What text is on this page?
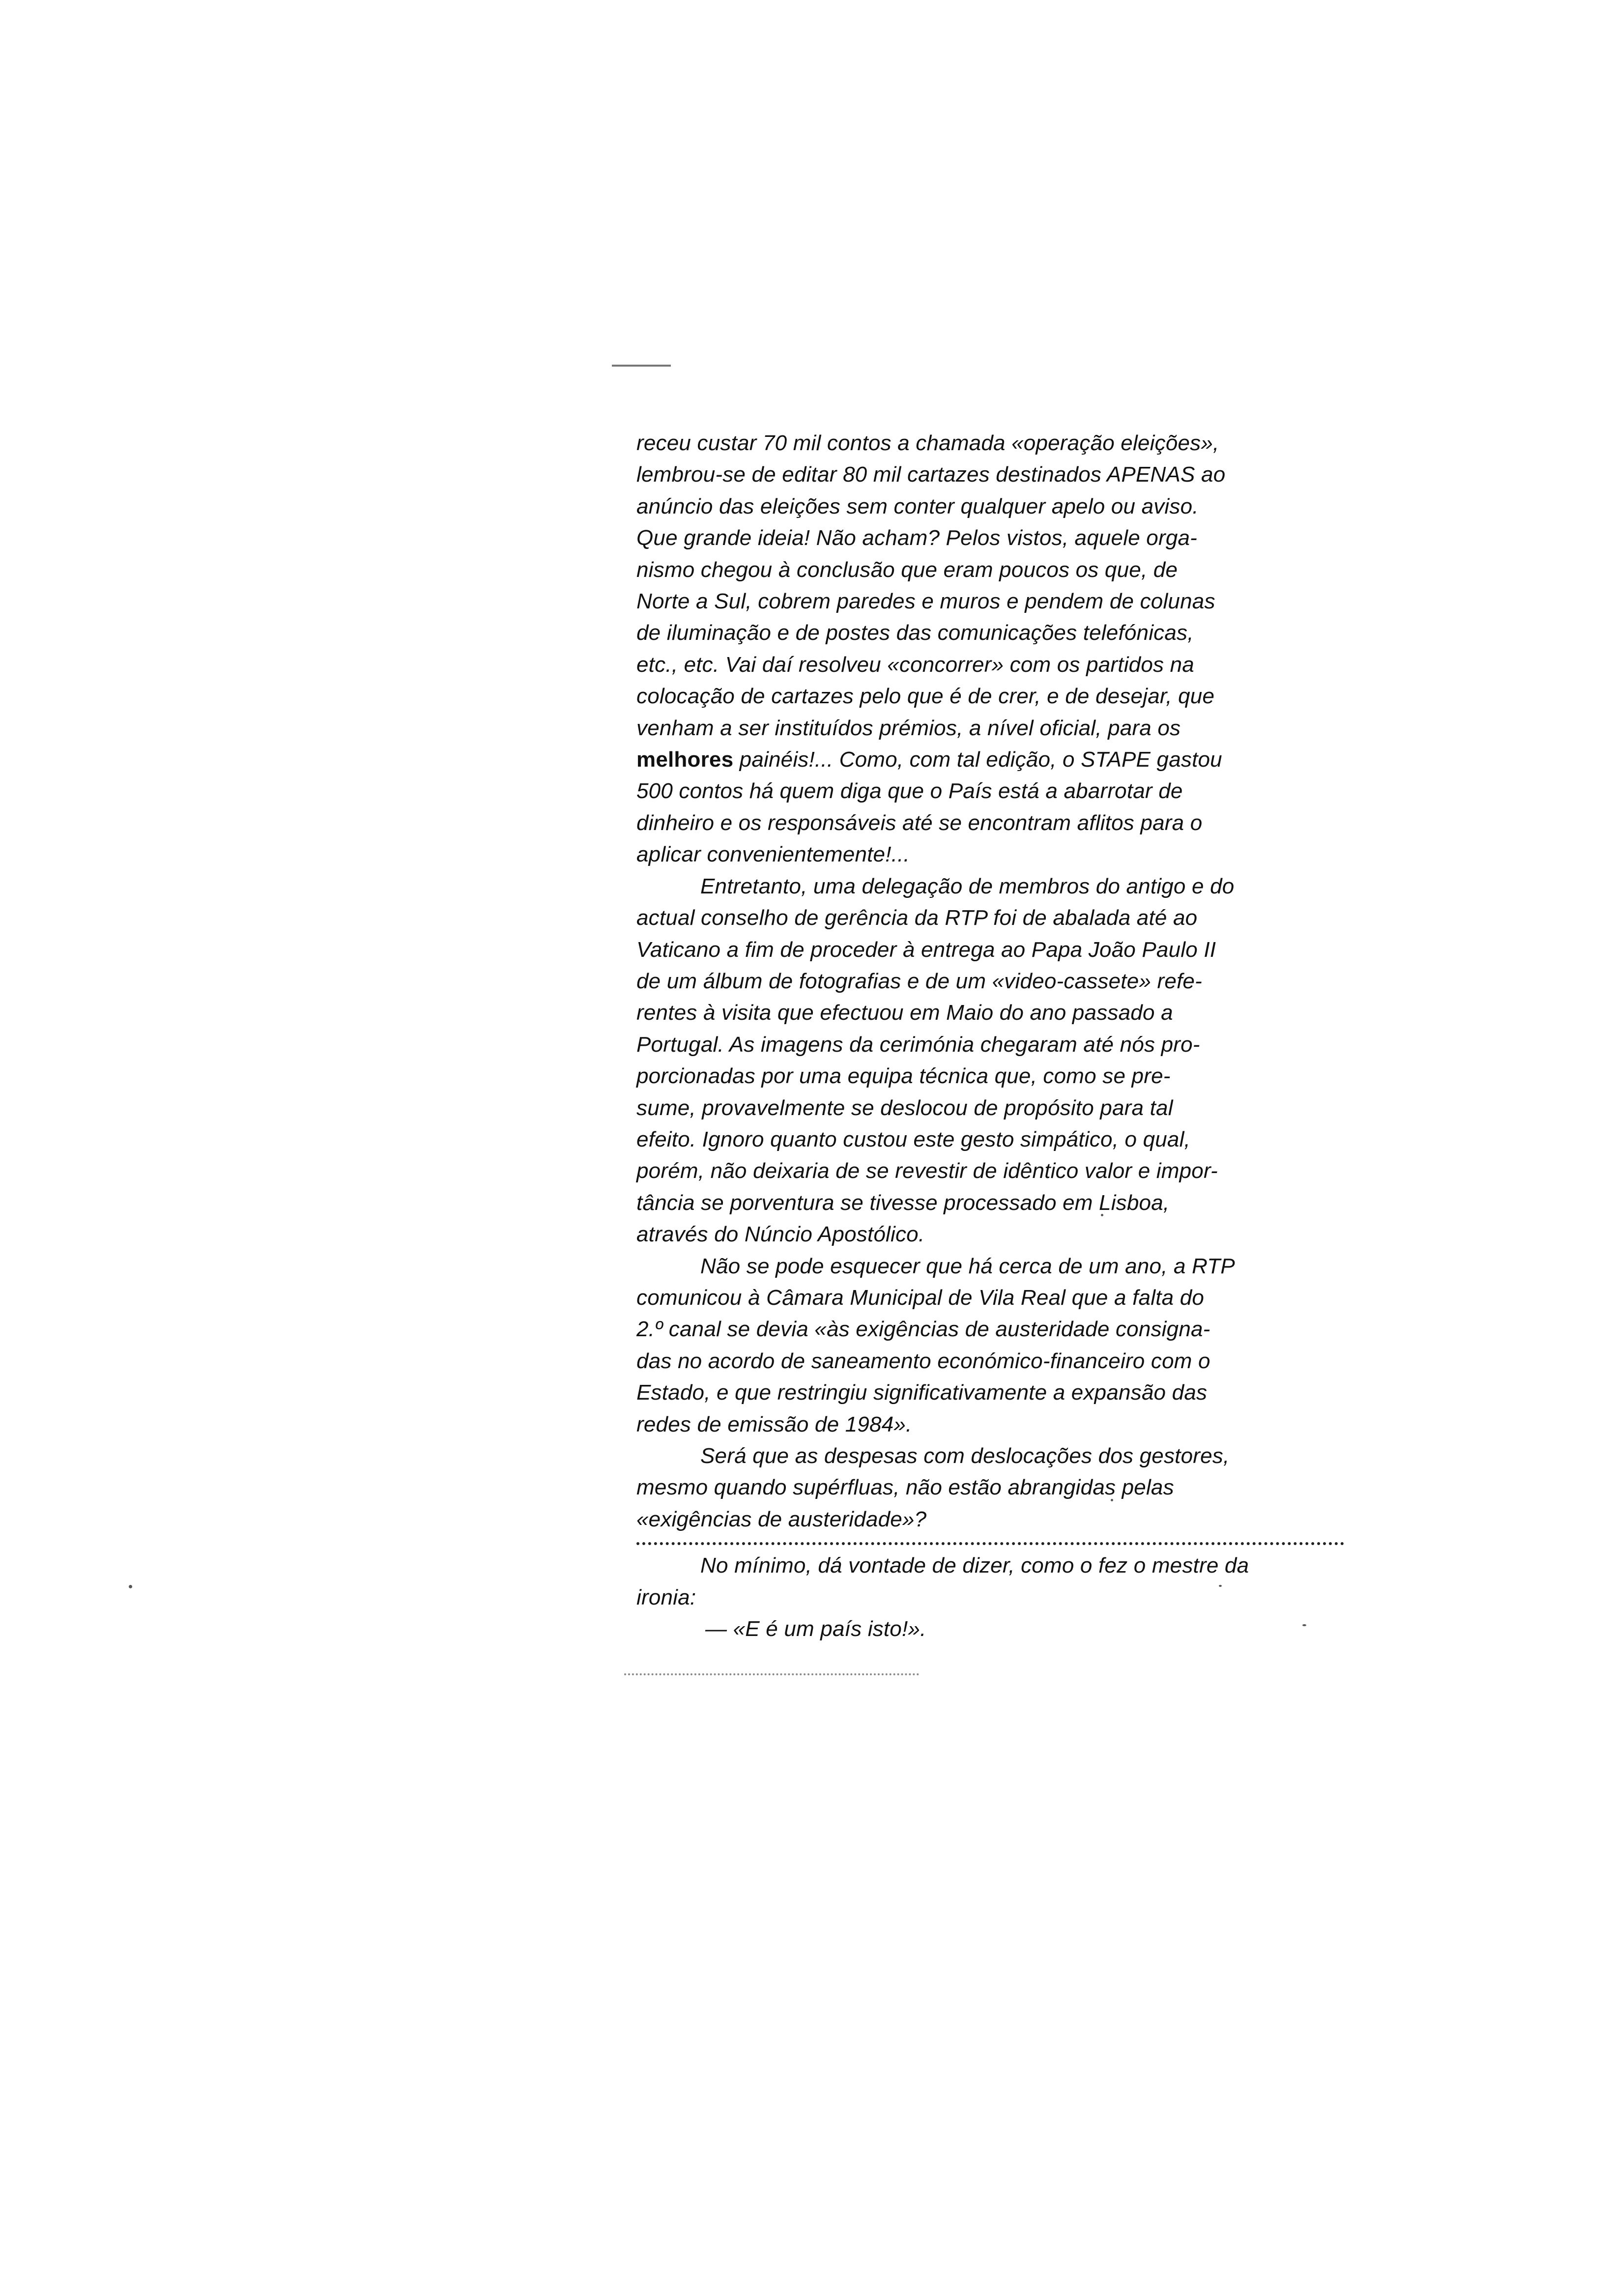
receu custar 70 mil contos a chamada «operação eleições»,
lembrou-se de editar 80 mil cartazes destinados APENAS ao
anúncio das eleições sem conter qualquer apelo ou aviso.
Que grande ideia! Não acham? Pelos vistos, aquele orga-
nismo chegou à conclusão que eram poucos os que, de
Norte a Sul, cobrem paredes e muros e pendem de colunas
de iluminação e de postes das comunicações telefónicas,
etc., etc. Vai daí resolveu «concorrer» com os partidos na
colocação de cartazes pelo que é de crer, e de desejar, que
venham a ser instituídos prémios, a nível oficial, para os
melhores painéis!... Como, com tal edição, o STAPE gastou
500 contos há quem diga que o País está a abarrotar de
dinheiro e os responsáveis até se encontram aflitos para o
aplicar convenientemente!...
Entretanto, uma delegação de membros do antigo e do
actual conselho de gerência da RTP foi de abalada até ao
Vaticano a fim de proceder à entrega ao Papa João Paulo II
de um álbum de fotografias e de um «video-cassete» refe-
rentes à visita que efectuou em Maio do ano passado a
Portugal. As imagens da cerimónia chegaram até nós pro-
porcionadas por uma equipa técnica que, como se pre-
sume, provavelmente se deslocou de propósito para tal
efeito. Ignoro quanto custou este gesto simpático, o qual,
porém, não deixaria de se revestir de idêntico valor e impor-
tância se porventura se tivesse processado em Lisboa,
através do Núncio Apostólico.
Não se pode esquecer que há cerca de um ano, a RTP
comunicou à Câmara Municipal de Vila Real que a falta do
2.º canal se devia «às exigências de austeridade consigna-
das no acordo de saneamento económico-financeiro com o
Estado, e que restringiu significativamente a expansão das
redes de emissão de 1984».
Será que as despesas com deslocações dos gestores,
mesmo quando supérfluas, não estão abrangidas pelas
«exigências de austeridade»?
No mínimo, dá vontade de dizer, como o fez o mestre da
ironia:
— «E é um país isto!».
